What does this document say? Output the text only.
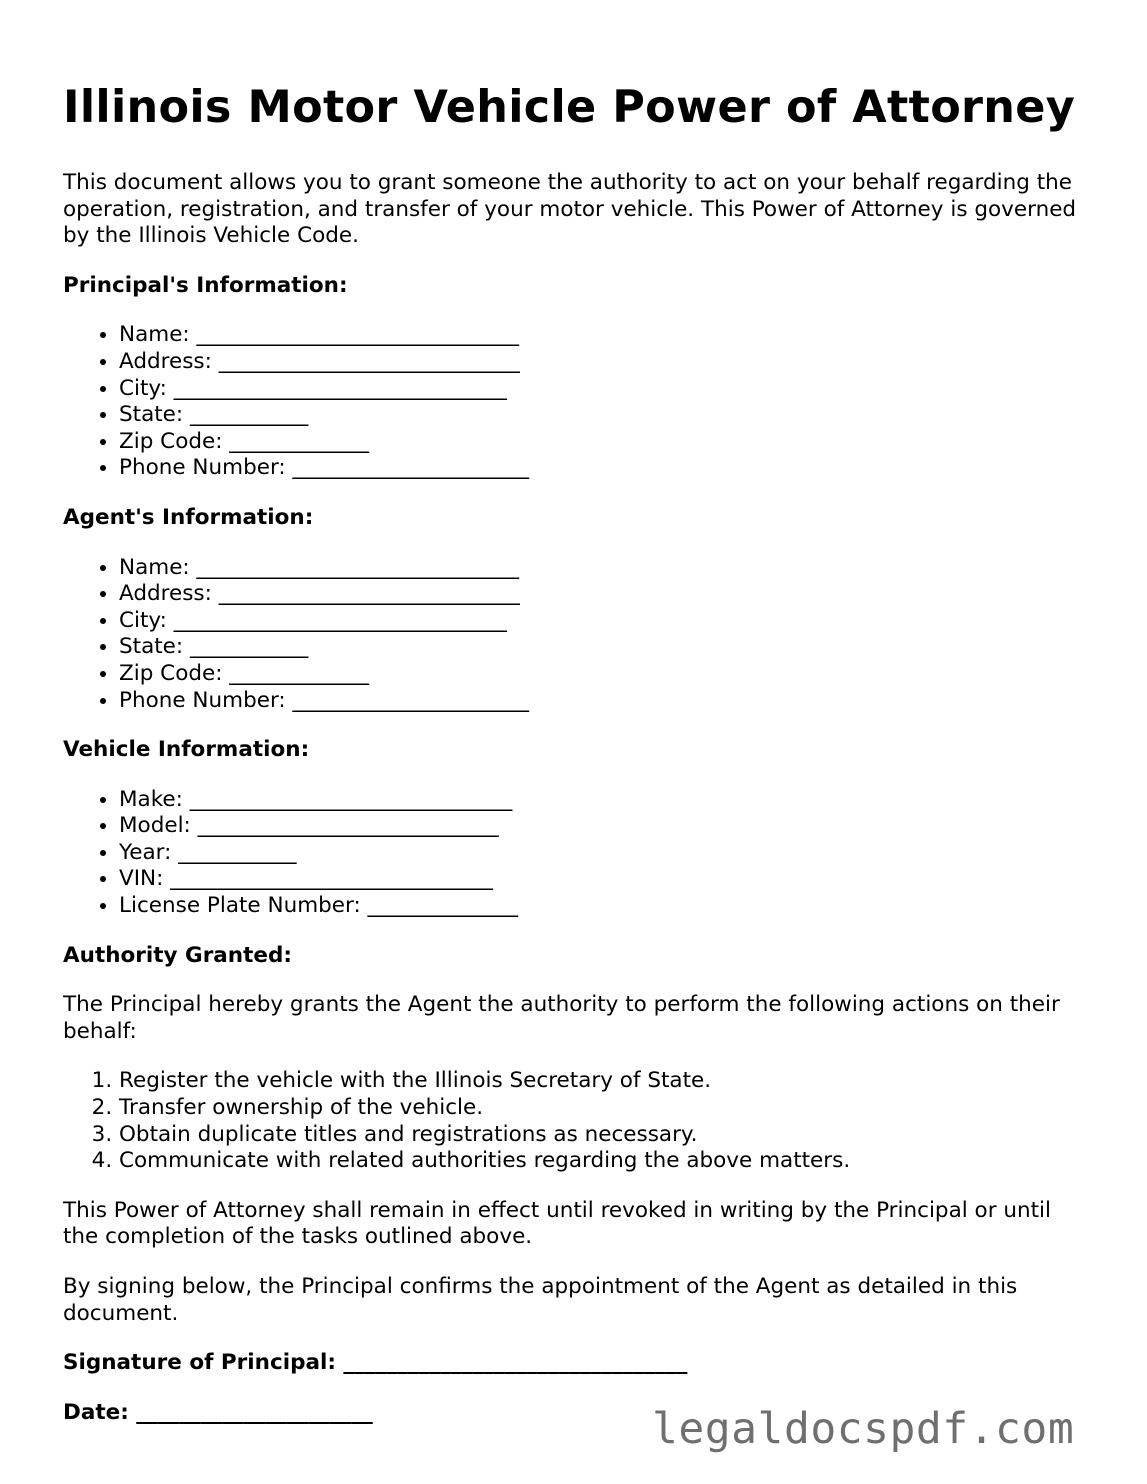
Illinois Motor Vehicle Power of Attorney

This document allows you to grant someone the authority to act on your behalf regarding the operation, registration, and transfer of your motor vehicle. This Power of Attorney is governed by the Illinois Vehicle Code.

Principal's Information:
• Name: ______________________________
• Address: ____________________________
• City: _______________________________
• State: ___________
• Zip Code: _____________
• Phone Number: ______________________
Agent's Information:
• Name: ______________________________
• Address: ____________________________
• City: _______________________________
• State: ___________
• Zip Code: _____________
• Phone Number: ______________________
Vehicle Information:
• Make: ______________________________
• Model: ____________________________
• Year: ___________
• VIN: ______________________________
• License Plate Number: ______________
Authority Granted:

The Principal hereby grants the Agent the authority to perform the following actions on their behalf:

1. Register the vehicle with the Illinois Secretary of State.
2. Transfer ownership of the vehicle.
3. Obtain duplicate titles and registrations as necessary.
4. Communicate with related authorities regarding the above matters.

This Power of Attorney shall remain in effect until revoked in writing by the Principal or until the completion of the tasks outlined above.

By signing below, the Principal confirms the appointment of the Agent as detailed in this document.

Signature of Principal: ________________________________
Date: ______________________	legaldocspdf.com
